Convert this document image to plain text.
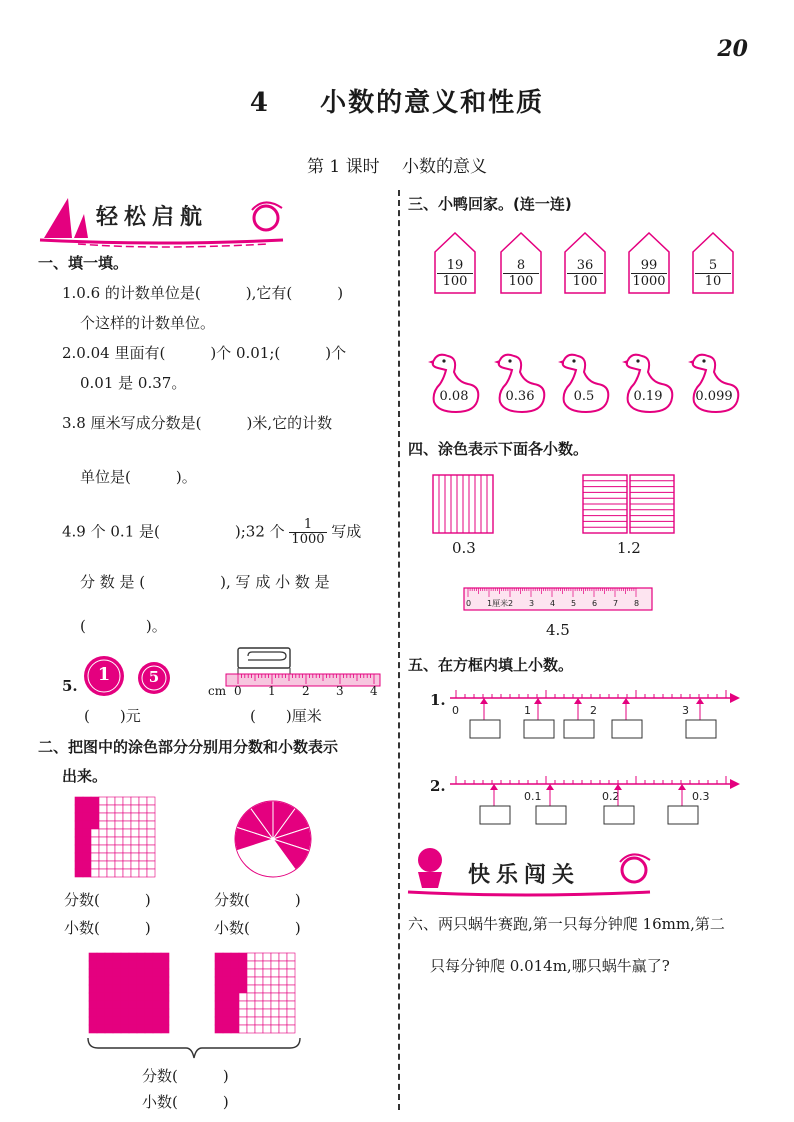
20
4 小数的意义和性质
第 1 课时　 小数的意义
轻松启航
一、填一填。
1.0.6 的计数单位是(　　　),它有(　　　)
个这样的计数单位。
2.0.04 里面有(　　　)个 0.01;(　　　)个
0.01 是 0.37。
3.8 厘米写成分数是(　　　)米,它的计数
单位是(　　　)。
4.9 个 0.1 是(　　　　　);32 个 $\frac{1}{1000}$ 写成
分 数 是 (　　　　　), 写 成 小 数 是
(　　　　)。
5.
1	5
cm 0 1 2 3 4
(　　)元	(　　)厘米
二、把图中的涂色部分分别用分数和小数表示
出来。
分数(　　　)
小数(　　　)
分数(　　　)
小数(　　　)
分数(　　　)
小数(　　　)
三、小鸭回家。(连一连)
$\frac{19}{100} \frac{8}{100} \frac{36}{100} \frac{99}{1000} \frac{5}{10}$
0.08	0.36	0.5	0.19	0.099
四、涂色表示下面各小数。
0 1厘米 2 3 4 5 6 7 8
0.3	1.2
4.5
五、在方框内填上小数。
1.
0	1	2	3
2.
0.1	0.2	0.3
快乐闯关
六、两只蜗牛赛跑,第一只每分钟爬 16mm,第二
只每分钟爬 0.014m,哪只蜗牛赢了?
